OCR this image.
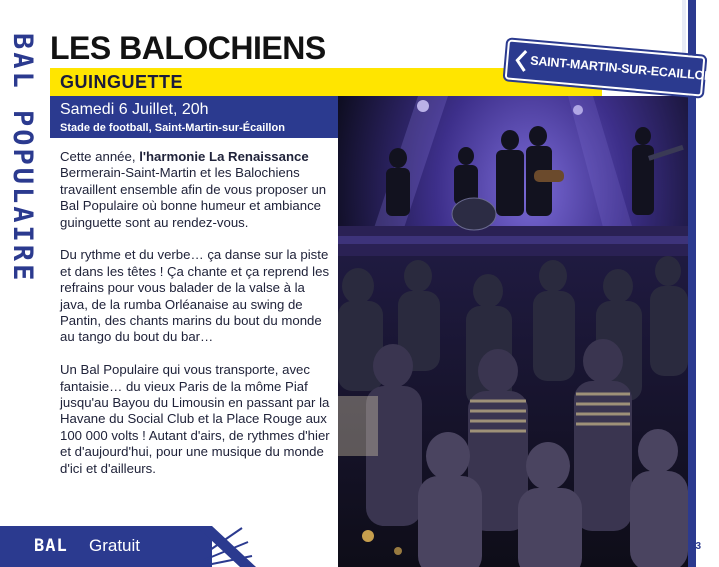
BAL POPULAIRE LES BALOCHIENS
GUINGUETTE
Samedi 6 Juillet, 20h
Stade de football, Saint-Martin-sur-Écaillon
SAINT-MARTIN-SUR-ECAILLON

Cette année, l'harmonie La Renaissance Bermerain-Saint-Martin et les Balochiens travaillent ensemble afin de vous proposer un Bal Populaire où bonne humeur et ambiance guinguette sont au rendez-vous.

Du rythme et du verbe… ça danse sur la piste et dans les têtes ! Ça chante et ça reprend les refrains pour vous balader de la valse à la java, de la rumba Orléanaise au swing de Pantin, des chants marins du bout du monde au tango du bout du bar…

Un Bal Populaire qui vous transporte, avec fantaisie… du vieux Paris de la môme Piaf jusqu'au Bayou du Limousin en passant par la Havane du Social Club et la Place Rouge aux 100 000 volts ! Autant d'airs, de rythmes d'hier et d'aujourd'hui, pour une musique du monde d'ici et d'ailleurs.

BAL Gratuit	23
